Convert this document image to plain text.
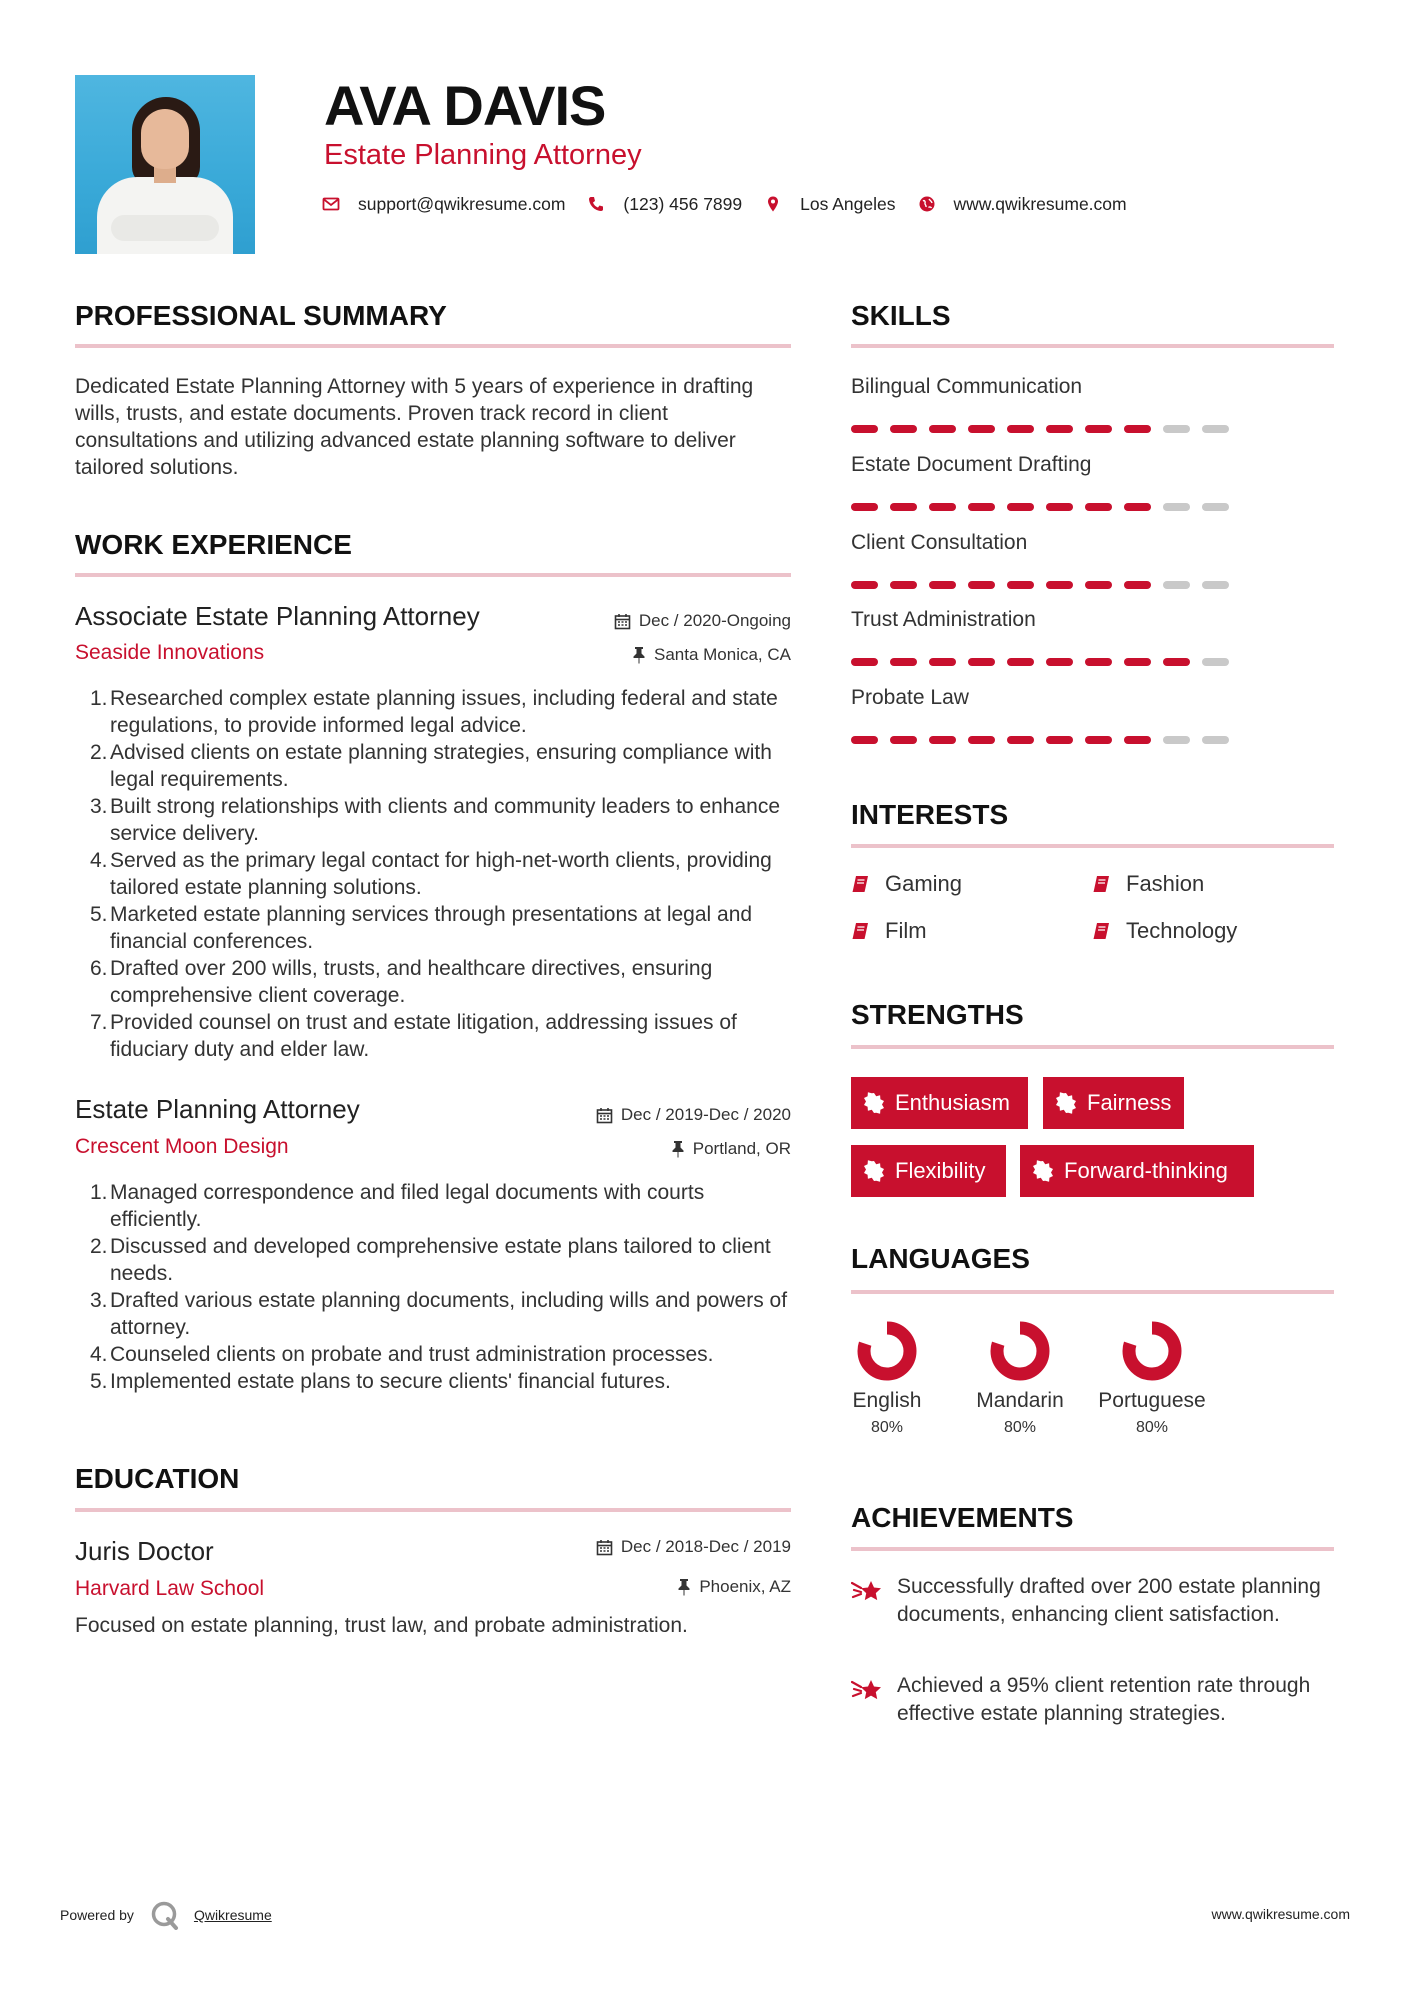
AVA DAVIS
Estate Planning Attorney
support@qwikresume.com	(123) 456 7899	Los Angeles	www.qwikresume.com
PROFESSIONAL SUMMARY
Dedicated Estate Planning Attorney with 5 years of experience in drafting wills, trusts, and estate documents. Proven track record in client consultations and utilizing advanced estate planning software to deliver tailored solutions.
WORK EXPERIENCE
Associate Estate Planning Attorney	Dec / 2020-Ongoing
Seaside Innovations	Santa Monica, CA
1. Researched complex estate planning issues, including federal and state regulations, to provide informed legal advice.
2. Advised clients on estate planning strategies, ensuring compliance with legal requirements.
3. Built strong relationships with clients and community leaders to enhance service delivery.
4. Served as the primary legal contact for high-net-worth clients, providing tailored estate planning solutions.
5. Marketed estate planning services through presentations at legal and financial conferences.
6. Drafted over 200 wills, trusts, and healthcare directives, ensuring comprehensive client coverage.
7. Provided counsel on trust and estate litigation, addressing issues of fiduciary duty and elder law.
Estate Planning Attorney	Dec / 2019-Dec / 2020
Crescent Moon Design	Portland, OR
1. Managed correspondence and filed legal documents with courts efficiently.
2. Discussed and developed comprehensive estate plans tailored to client needs.
3. Drafted various estate planning documents, including wills and powers of attorney.
4. Counseled clients on probate and trust administration processes.
5. Implemented estate plans to secure clients' financial futures.
EDUCATION
Juris Doctor	Dec / 2018-Dec / 2019
Harvard Law School	Phoenix, AZ
Focused on estate planning, trust law, and probate administration.
SKILLS
Bilingual Communication
Estate Document Drafting
Client Consultation
Trust Administration
Probate Law
INTERESTS
Gaming	Fashion
Film	Technology
STRENGTHS
Enthusiasm	Fairness
Flexibility	Forward-thinking
LANGUAGES
English
80%
Mandarin
80%
Portuguese
80%
ACHIEVEMENTS
Successfully drafted over 200 estate planning documents, enhancing client satisfaction.
Achieved a 95% client retention rate through effective estate planning strategies.
Powered by	Qwikresume	www.qwikresume.com
